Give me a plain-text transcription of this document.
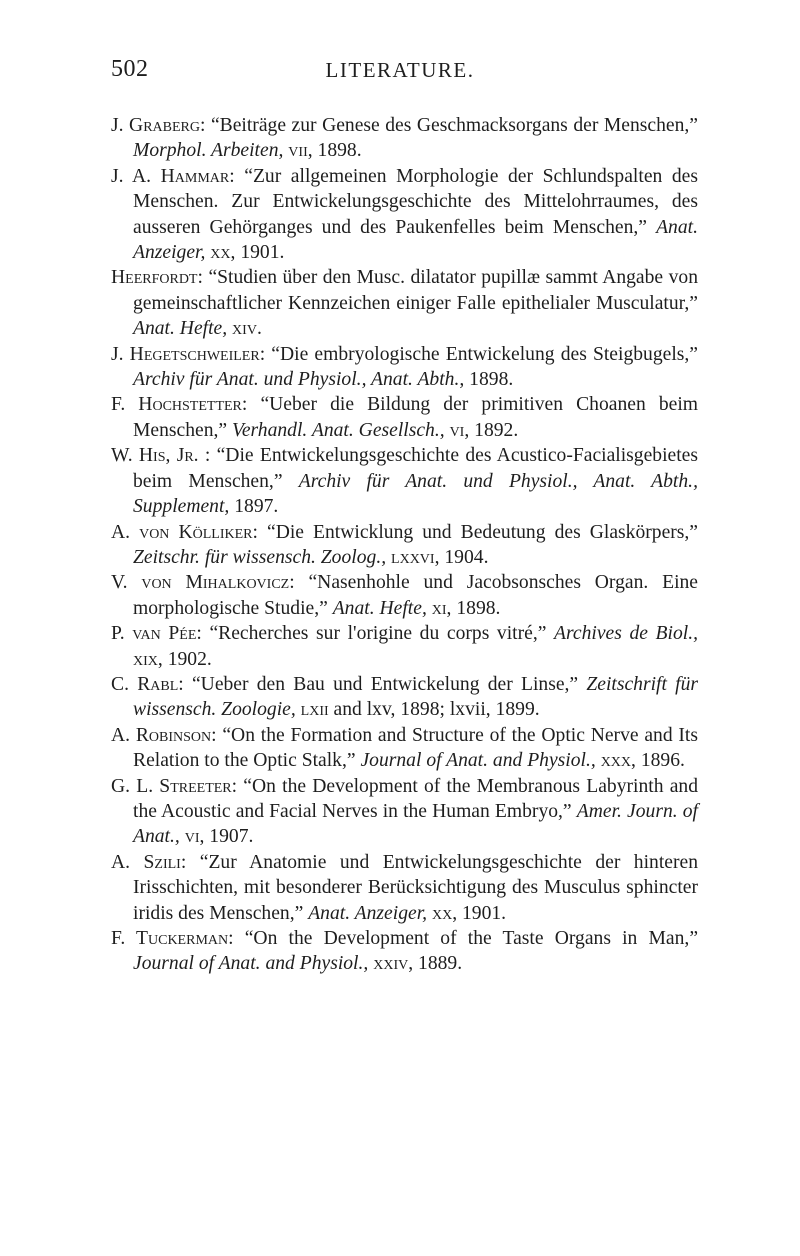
502	LITERATURE.

J. Graberg: “Beiträge zur Genese des Geschmacksorgans der Menschen,” Morphol. Arbeiten, vii, 1898.

J. A. Hammar: “Zur allgemeinen Morphologie der Schlundspalten des Menschen. Zur Entwickelungsgeschichte des Mittelohrraumes, des ausseren Gehörganges und des Paukenfelles beim Menschen,” Anat. Anzeiger, xx, 1901.

Heerfordt: “Studien über den Musc. dilatator pupillæ sammt Angabe von gemeinschaftlicher Kennzeichen einiger Falle epithelialer Musculatur,” Anat. Hefte, xiv.

J. Hegetschweiler: “Die embryologische Entwickelung des Steigbugels,” Archiv für Anat. und Physiol., Anat. Abth., 1898.

F. Hochstetter: “Ueber die Bildung der primitiven Choanen beim Menschen,” Verhandl. Anat. Gesellsch., vi, 1892.

W. His, Jr. : “Die Entwickelungsgeschichte des Acustico-Facialisgebietes beim Menschen,” Archiv für Anat. und Physiol., Anat. Abth., Supplement, 1897.

A. von Kölliker: “Die Entwicklung und Bedeutung des Glaskörpers,” Zeitschr. für wissensch. Zoolog., lxxvi, 1904.

V. von Mihalkovicz: “Nasenhohle und Jacobsonsches Organ. Eine morphologische Studie,” Anat. Hefte, xi, 1898.

P. van Pée: “Recherches sur l'origine du corps vitré,” Archives de Biol., xix, 1902.

C. Rabl: “Ueber den Bau und Entwickelung der Linse,” Zeitschrift für wissensch. Zoologie, lxii and lxv, 1898; lxvii, 1899.

A. Robinson: “On the Formation and Structure of the Optic Nerve and Its Relation to the Optic Stalk,” Journal of Anat. and Physiol., xxx, 1896.

G. L. Streeter: “On the Development of the Membranous Labyrinth and the Acoustic and Facial Nerves in the Human Embryo,” Amer. Journ. of Anat., vi, 1907.

A. Szili: “Zur Anatomie und Entwickelungsgeschichte der hinteren Irisschichten, mit besonderer Berücksichtigung des Musculus sphincter iridis des Menschen,” Anat. Anzeiger, xx, 1901.

F. Tuckerman: “On the Development of the Taste Organs in Man,” Journal of Anat. and Physiol., xxiv, 1889.
